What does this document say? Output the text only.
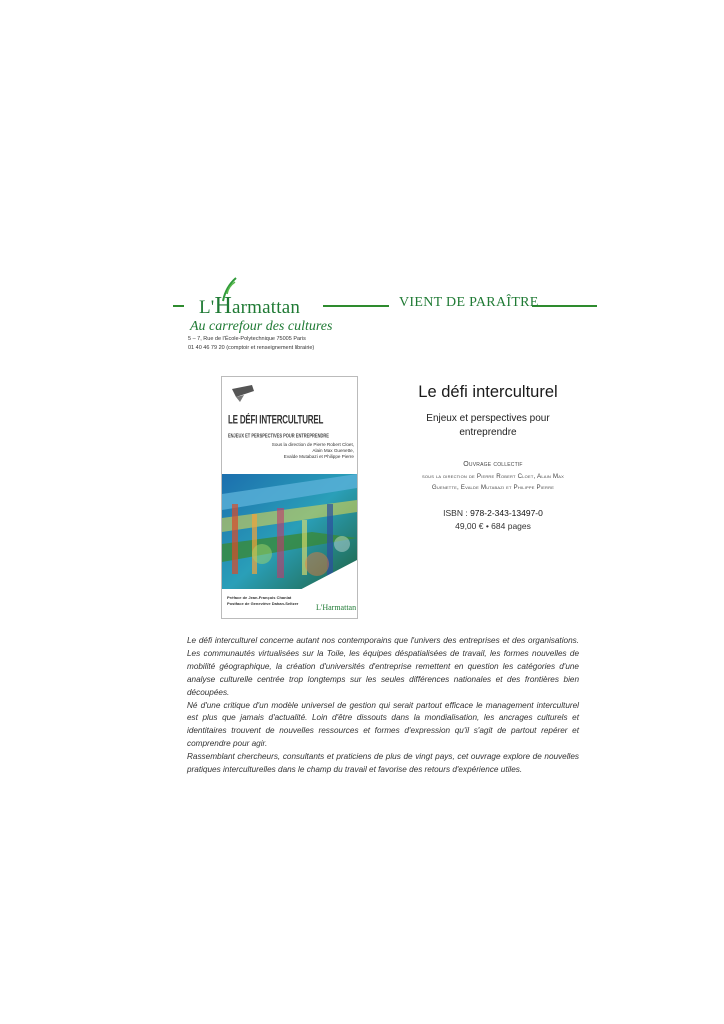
L'Harmattan
Au carrefour des cultures
5 – 7, Rue de l'École-Polytechnique 75005 Paris
01 40 46 79 20 (comptoir et renseignement librairie)
VIENT DE PARAÎTRE
LE DÉFI INTERCULTUREL
ENJEUX ET PERSPECTIVES POUR ENTREPRENDRE
Sous la direction de Pierre Robert Cloet, Alain Max Guenette,
Evalde Mutabazi et Philippe Pierre
Préface de Jean-François Chanlat
Postface de Geneviève Dahan-Seltzer L'Harmattan
Le défi interculturel
Enjeux et perspectives pour
entreprendre
Ouvrage collectif
sous la direction de Pierre Robert Cloet, Alain Max
Guenette, Evalde Mutabazi et Philippe Pierre
ISBN : 978-2-343-13497-0
49,00 € • 684 pages

Le défi interculturel concerne autant nos contemporains que l'univers des entreprises et des organisations. Les communautés virtualisées sur la Toile, les équipes déspatialisées de travail, les formes nouvelles de mobilité géographique, la création d'universités d'entreprise remettent en question les catégories d'une analyse culturelle centrée trop longtemps sur les seules différences nationales et des frontières bien découpées.

Né d'une critique d'un modèle universel de gestion qui serait partout efficace le management interculturel est plus que jamais d'actualité. Loin d'être dissouts dans la mondialisation, les ancrages culturels et identitaires trouvent de nouvelles ressources et formes d'expression qu'il s'agit de partout repérer et comprendre pour agir.

Rassemblant chercheurs, consultants et praticiens de plus de vingt pays, cet ouvrage explore de nouvelles pratiques interculturelles dans le champ du travail et favorise des retours d'expérience utiles.
